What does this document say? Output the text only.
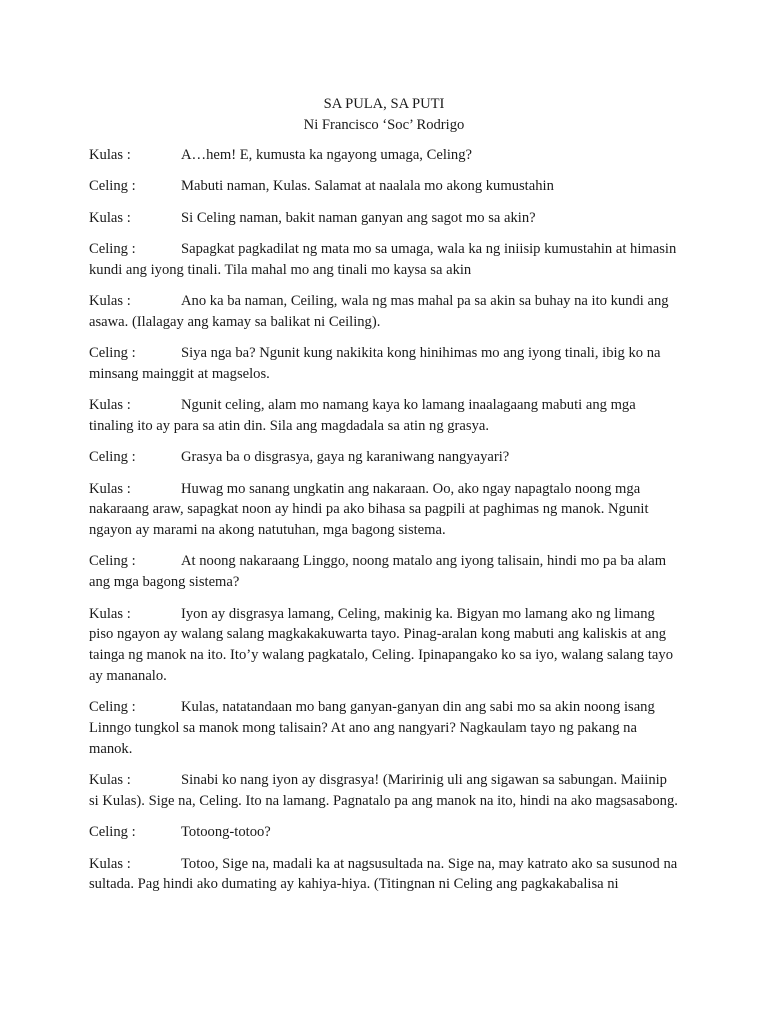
SA PULA, SA PUTI
Ni Francisco ‘Soc’ Rodrigo
Kulas :	A…hem! E, kumusta ka ngayong umaga, Celing?
Celing :	Mabuti naman, Kulas. Salamat at naalala mo akong kumustahin
Kulas :	Si Celing naman, bakit naman ganyan ang sagot mo sa akin?
Celing :	Sapagkat pagkadilat ng mata mo sa umaga, wala ka ng iniisip kumustahin at himasin kundi ang iyong tinali. Tila mahal mo ang tinali mo kaysa sa akin
Kulas :	Ano ka ba naman, Ceiling, wala ng mas mahal pa sa akin sa buhay na ito kundi ang asawa. (Ilalagay ang kamay sa balikat ni Ceiling).
Celing :	Siya nga ba? Ngunit kung nakikita kong hinihimas mo ang iyong tinali, ibig ko na minsang mainggit at magselos.
Kulas :	Ngunit celing, alam mo namang kaya ko lamang inaalagaang mabuti ang mga tinaling ito ay para sa atin din. Sila ang magdadala sa atin ng grasya.
Celing :	Grasya ba o disgrasya, gaya ng karaniwang nangyayari?
Kulas :	Huwag mo sanang ungkatin ang nakaraan. Oo, ako ngay napagtalo noong mga nakaraang araw, sapagkat noon ay hindi pa ako bihasa sa pagpili at paghimas ng manok. Ngunit ngayon ay marami na akong natutuhan, mga bagong sistema.
Celing :	At noong nakaraang Linggo, noong matalo ang iyong talisain, hindi mo pa ba alam ang mga bagong sistema?
Kulas :	Iyon ay disgrasya lamang, Celing, makinig ka. Bigyan mo lamang ako ng limang piso ngayon ay walang salang magkakakuwarta tayo. Pinag-aralan kong mabuti ang kaliskis at ang tainga ng manok na ito. Ito’y walang pagkatalo, Celing. Ipinapangako ko sa iyo, walang salang tayo ay mananalo.
Celing :	Kulas, natatandaan mo bang ganyan-ganyan din ang sabi mo sa akin noong isang Linngo tungkol sa manok mong talisain? At ano ang nangyari? Nagkaulam tayo ng pakang na manok.
Kulas :	Sinabi ko nang iyon ay disgrasya! (Maririnig uli ang sigawan sa sabungan. Maiinip si Kulas). Sige na, Celing. Ito na lamang. Pagnatalo pa ang manok na ito, hindi na ako magsasabong.
Celing :	Totoong-totoo?
Kulas :	Totoo, Sige na, madali ka at nagsusultada na. Sige na, may katrato ako sa susunod na sultada. Pag hindi ako dumating ay kahiya-hiya. (Titingnan ni Celing ang pagkakabalisa ni
